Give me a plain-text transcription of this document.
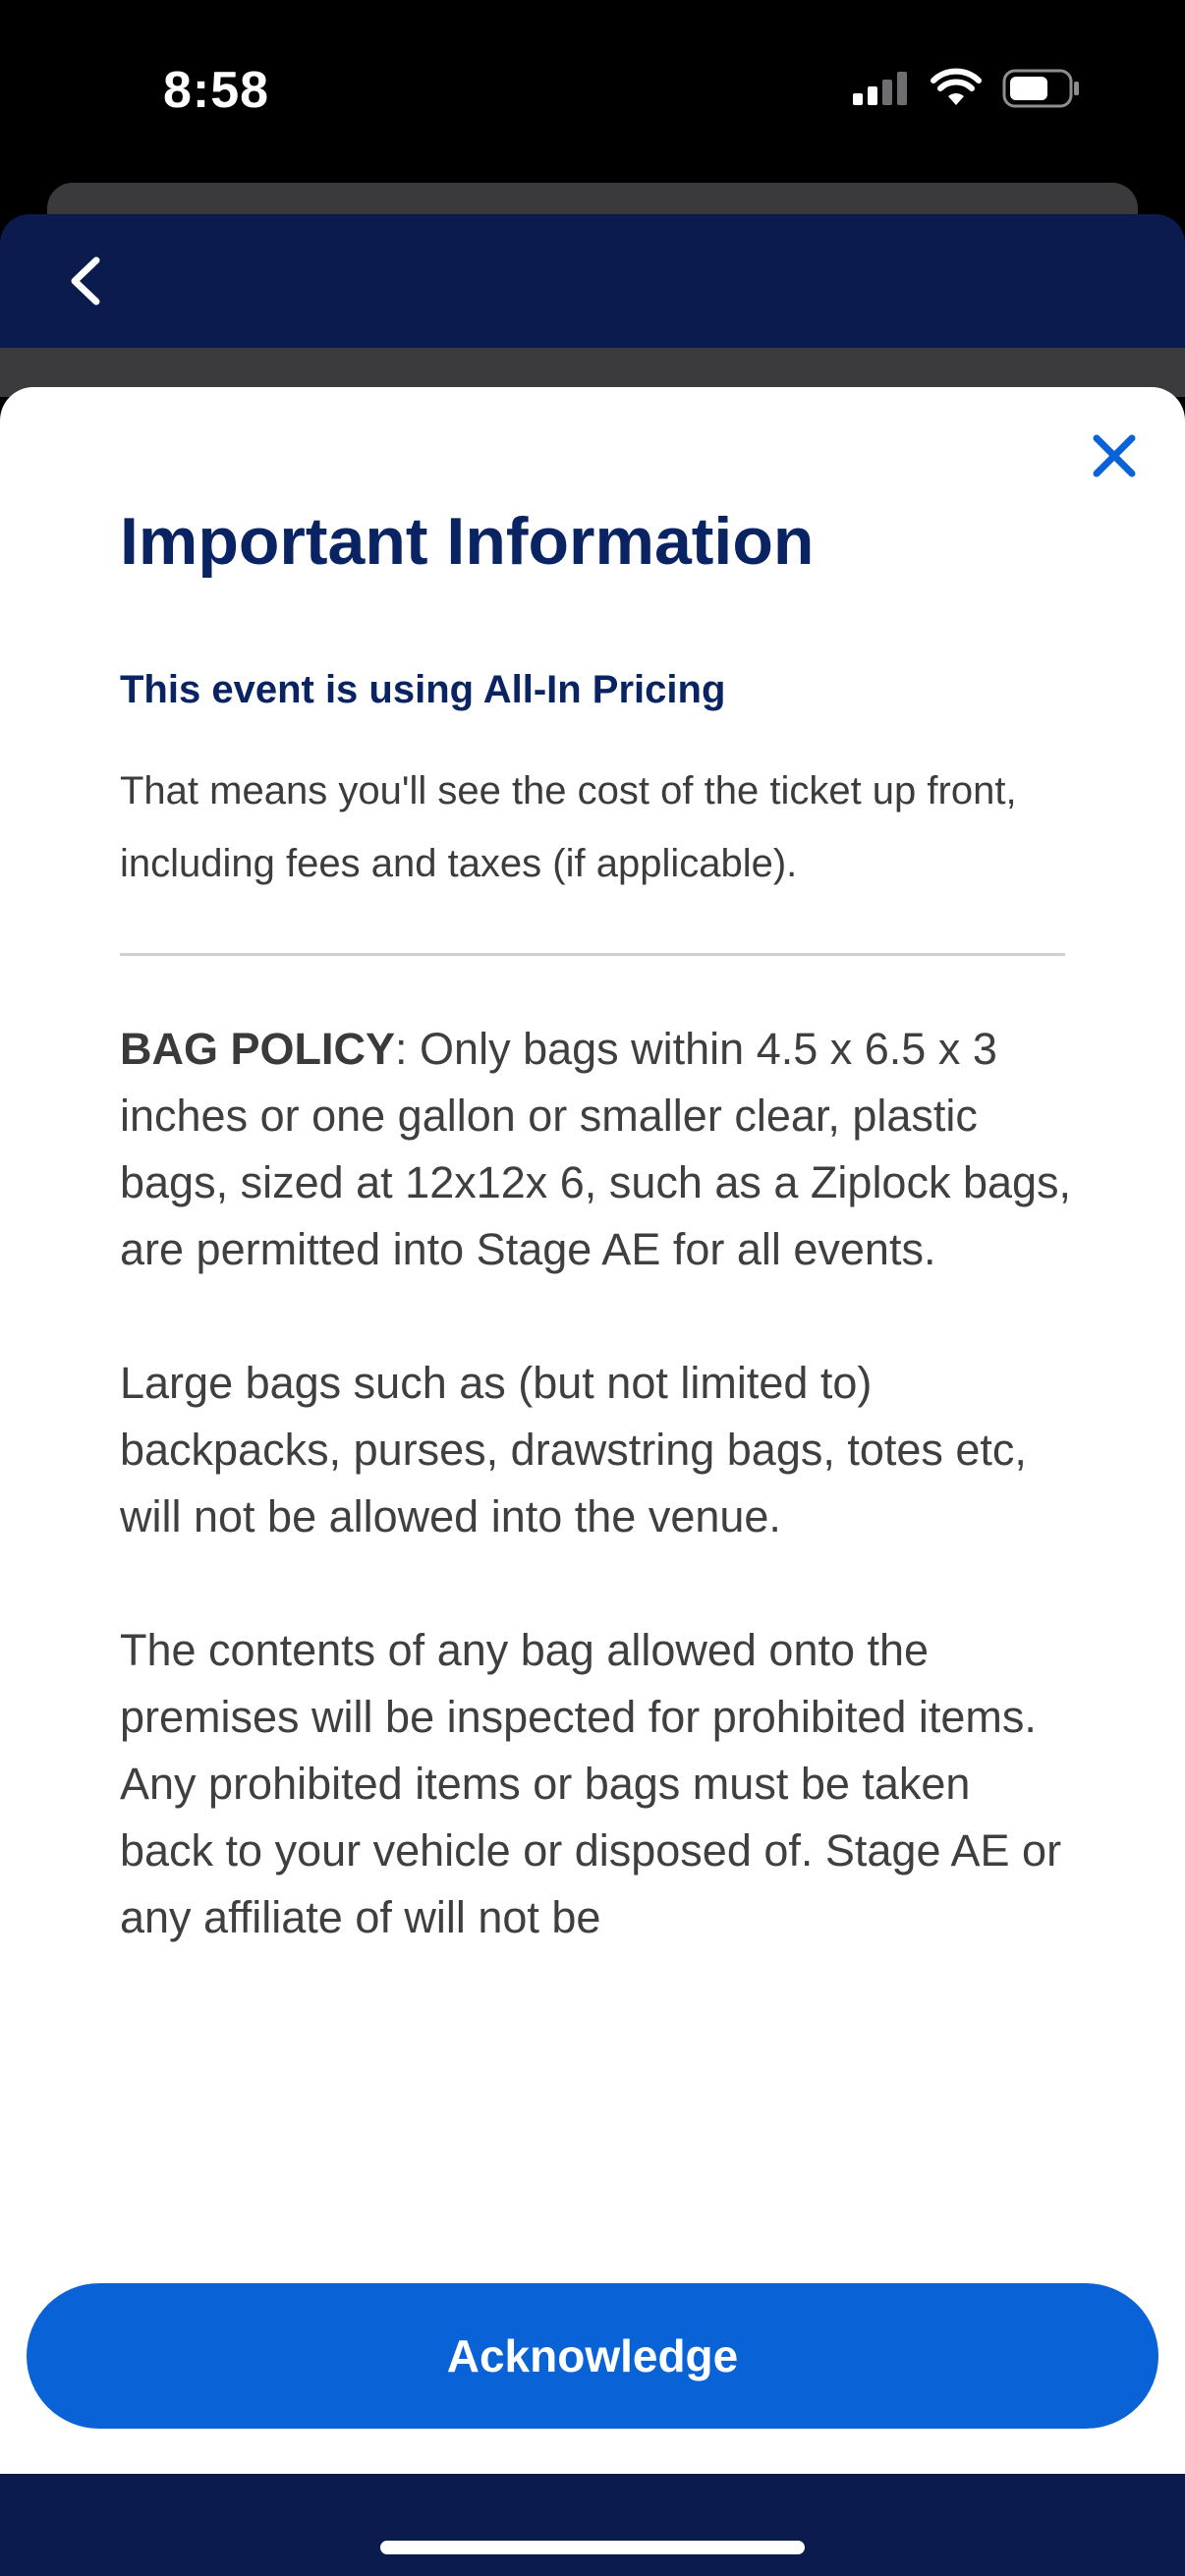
8:58
Important Information
This event is using All-In Pricing

That means you'll see the cost of the ticket up front, including fees and taxes (if applicable).

BAG POLICY: Only bags within 4.5 x 6.5 x 3 inches or one gallon or smaller clear, plastic bags, sized at 12x12x 6, such as a Ziplock bags, are permitted into Stage AE for all events.

Large bags such as (but not limited to) backpacks, purses, drawstring bags, totes etc, will not be allowed into the venue.

The contents of any bag allowed onto the premises will be inspected for prohibited items. Any prohibited items or bags must be taken back to your vehicle or disposed of. Stage AE or any affiliate of will not be

Acknowledge
